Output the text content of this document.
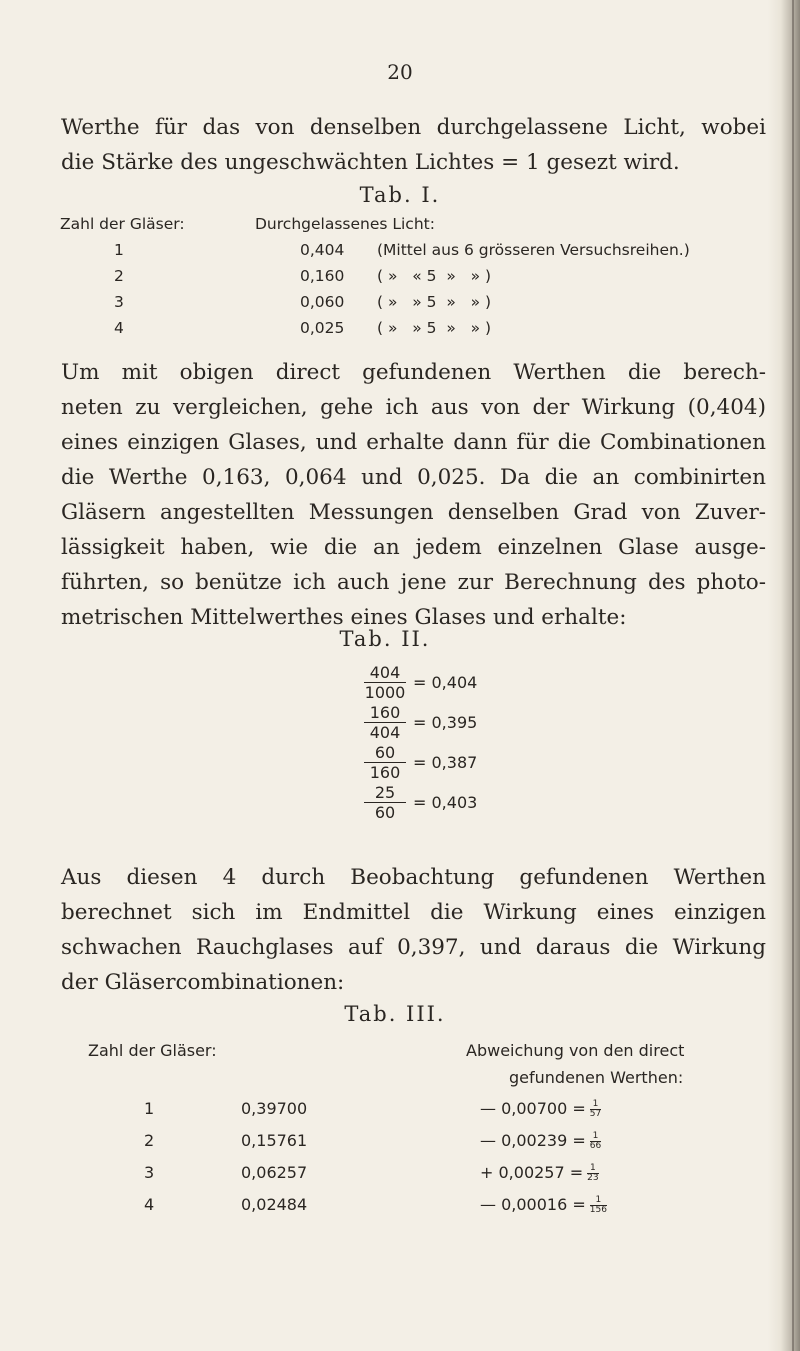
20
Werthe für das von denselben durchgelassene Licht, wobei
die Stärke des ungeschwächten Lichtes = 1 gesezt wird.
Tab. I.
Zahl der Gläser:	Durchgelassenes Licht:
1	0,404 (Mittel aus 6 grösseren Versuchsreihen.)
2	0,160 ( »   « 5  »   » )
3	0,060 ( »   » 5  »   » )
4	0,025 ( »   » 5  »   » )
Um mit obigen direct gefundenen Werthen die berech-
neten zu vergleichen, gehe ich aus von der Wirkung (0,404)
eines einzigen Glases, und erhalte dann für die Combinationen
die Werthe 0,163, 0,064 und 0,025. Da die an combinirten
Gläsern angestellten Messungen denselben Grad von Zuver-
lässigkeit haben, wie die an jedem einzelnen Glase ausge-
führten, so benütze ich auch jene zur Berechnung des photo-
metrischen Mittelwerthes eines Glases und erhalte:
Tab. II.
$\frac{404}{1000} = 0,404$
$\frac{160}{404} = 0,395$
$\frac{60}{160} = 0,387$
$\frac{25}{60} = 0,403$
Aus diesen 4 durch Beobachtung gefundenen Werthen
berechnet sich im Endmittel die Wirkung eines einzigen
schwachen Rauchglases auf 0,397, und daraus die Wirkung
der Gläsercombinationen:
Tab. III.
Zahl der Gläser:	Abweichung von den direct
gefundenen Werthen:
1	0,39700	— $0,00700 = \frac{1}{57}$
2	0,15761	— $0,00239 = \frac{1}{66}$
3	0,06257	+ $0,00257 = \frac{1}{23}$
4	0,02484	— $0,00016 = \frac{1}{156}$
